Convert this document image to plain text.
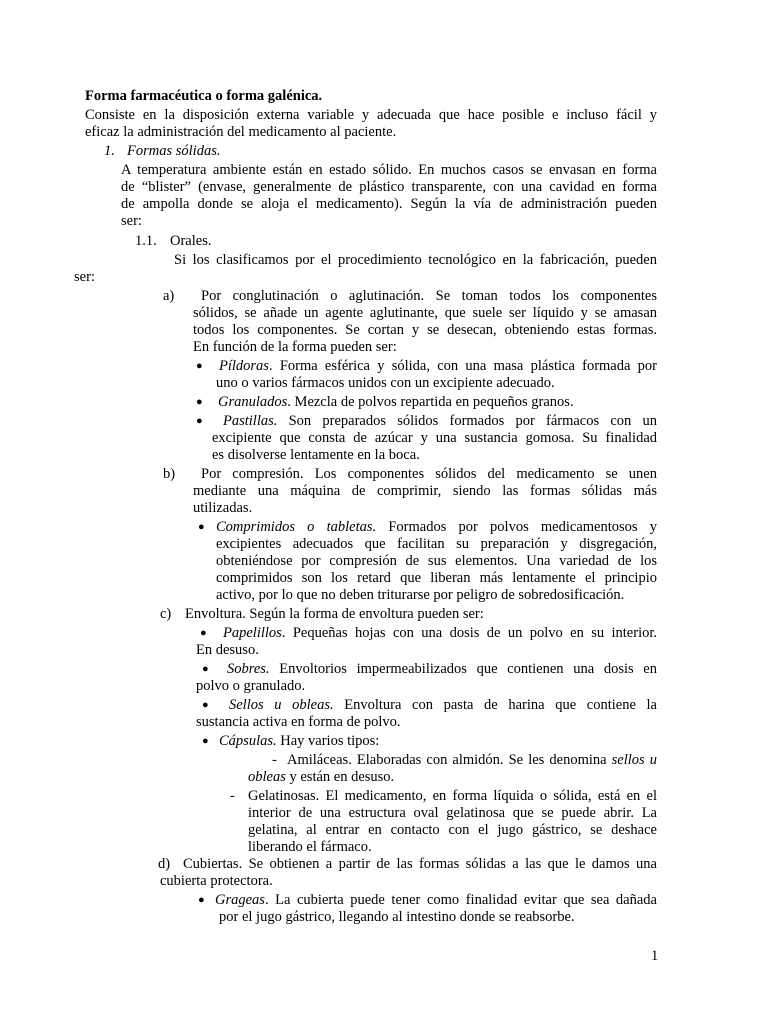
Forma farmacéutica o forma galénica.
Consiste en la disposición externa variable y adecuada que hace posible e incluso fácil y
eficaz la administración del medicamento al paciente.
1. Formas sólidas.
A temperatura ambiente están en estado sólido. En muchos casos se envasan en forma
de “blister” (envase, generalmente de plástico transparente, con una cavidad en forma
de ampolla donde se aloja el medicamento). Según la vía de administración pueden
ser:
1.1. Orales.
Si los clasificamos por el procedimiento tecnológico en la fabricación, pueden
ser:
a) Por conglutinación o aglutinación. Se toman todos los componentes
sólidos, se añade un agente aglutinante, que suele ser líquido y se amasan
todos los componentes. Se cortan y se desecan, obteniendo estas formas.
En función de la forma pueden ser:
● Píldoras. Forma esférica y sólida, con una masa plástica formada por
uno o varios fármacos unidos con un excipiente adecuado.
● Granulados. Mezcla de polvos repartida en pequeños granos.
● Pastillas. Son preparados sólidos formados por fármacos con un
excipiente que consta de azúcar y una sustancia gomosa. Su finalidad
es disolverse lentamente en la boca.
b) Por compresión. Los componentes sólidos del medicamento se unen
mediante una máquina de comprimir, siendo las formas sólidas más
utilizadas.
● Comprimidos o tabletas. Formados por polvos medicamentosos y
excipientes adecuados que facilitan su preparación y disgregación,
obteniéndose por compresión de sus elementos. Una variedad de los
comprimidos son los retard que liberan más lentamente el principio
activo, por lo que no deben triturarse por peligro de sobredosificación.
c) Envoltura. Según la forma de envoltura pueden ser:
● Papelillos. Pequeñas hojas con una dosis de un polvo en su interior.
En desuso.
● Sobres. Envoltorios impermeabilizados que contienen una dosis en
polvo o granulado.
● Sellos u obleas. Envoltura con pasta de harina que contiene la
sustancia activa en forma de polvo.
● Cápsulas. Hay varios tipos:
- Amiláceas. Elaboradas con almidón. Se les denomina sellos u
obleas y están en desuso.
- Gelatinosas. El medicamento, en forma líquida o sólida, está en el
interior de una estructura oval gelatinosa que se puede abrir. La
gelatina, al entrar en contacto con el jugo gástrico, se deshace
liberando el fármaco.
d) Cubiertas. Se obtienen a partir de las formas sólidas a las que le damos una
cubierta protectora.
● Grageas. La cubierta puede tener como finalidad evitar que sea dañada
por el jugo gástrico, llegando al intestino donde se reabsorbe.
1
